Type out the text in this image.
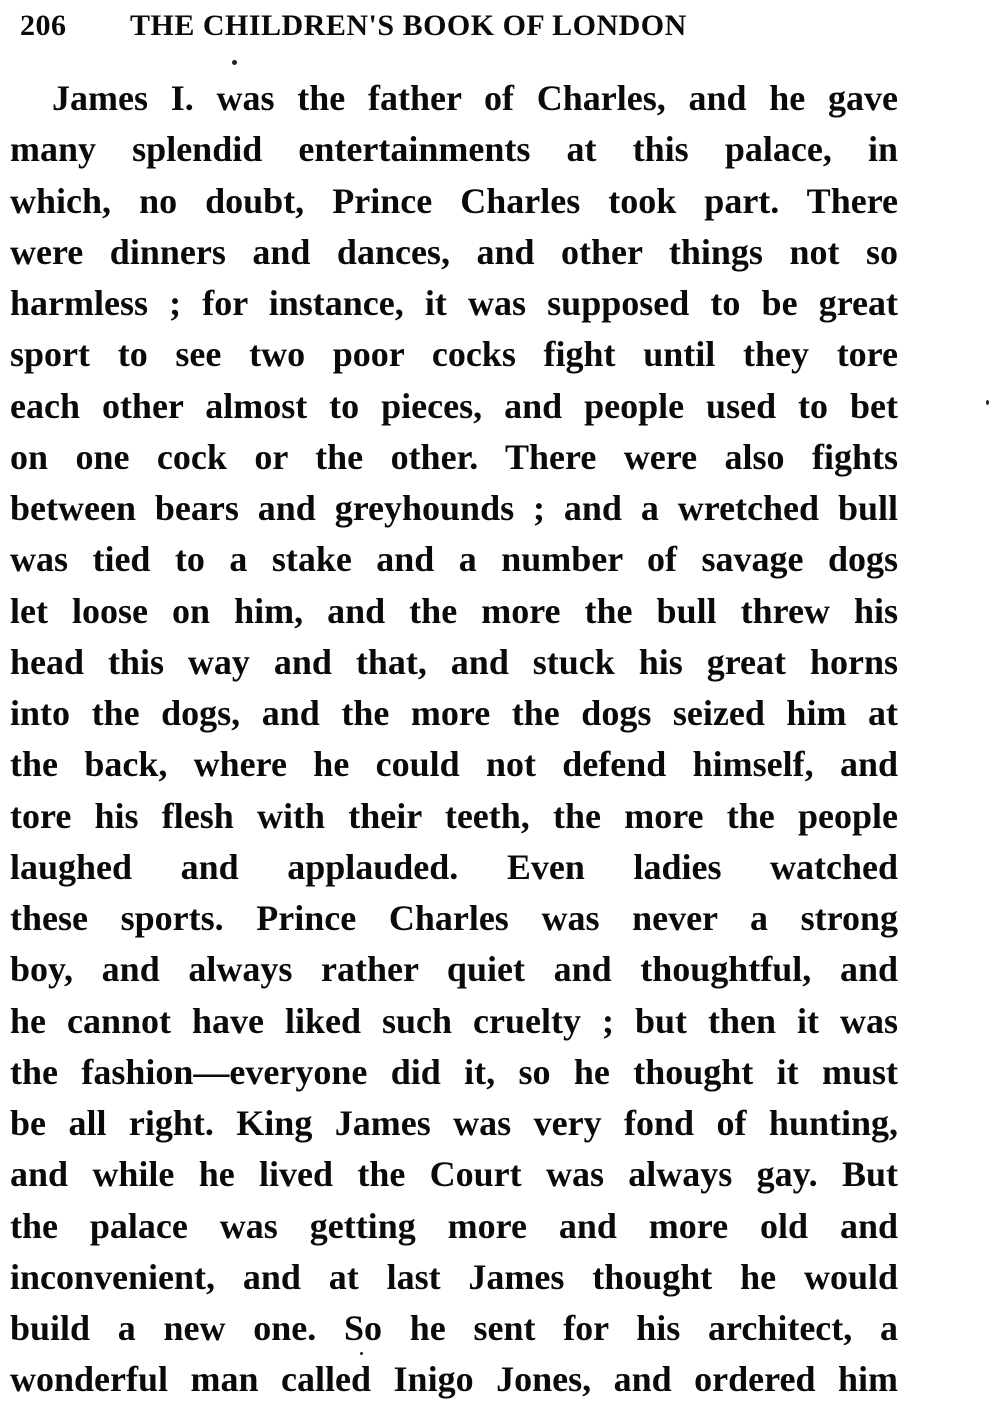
206	THE CHILDREN'S BOOK OF LONDON
James I. was the father of Charles, and he gave
many splendid entertainments at this palace, in
which, no doubt, Prince Charles took part. There
were dinners and dances, and other things not so
harmless ; for instance, it was supposed to be great
sport to see two poor cocks fight until they tore
each other almost to pieces, and people used to bet
on one cock or the other. There were also fights
between bears and greyhounds ; and a wretched bull
was tied to a stake and a number of savage dogs
let loose on him, and the more the bull threw his
head this way and that, and stuck his great horns
into the dogs, and the more the dogs seized him at
the back, where he could not defend himself, and
tore his flesh with their teeth, the more the people
laughed and applauded. Even ladies watched
these sports. Prince Charles was never a strong
boy, and always rather quiet and thoughtful, and
he cannot have liked such cruelty ; but then it was
the fashion—everyone did it, so he thought it must
be all right. King James was very fond of hunting,
and while he lived the Court was always gay. But
the palace was getting more and more old and
inconvenient, and at last James thought he would
build a new one. So he sent for his architect, a
wonderful man called Inigo Jones, and ordered him
